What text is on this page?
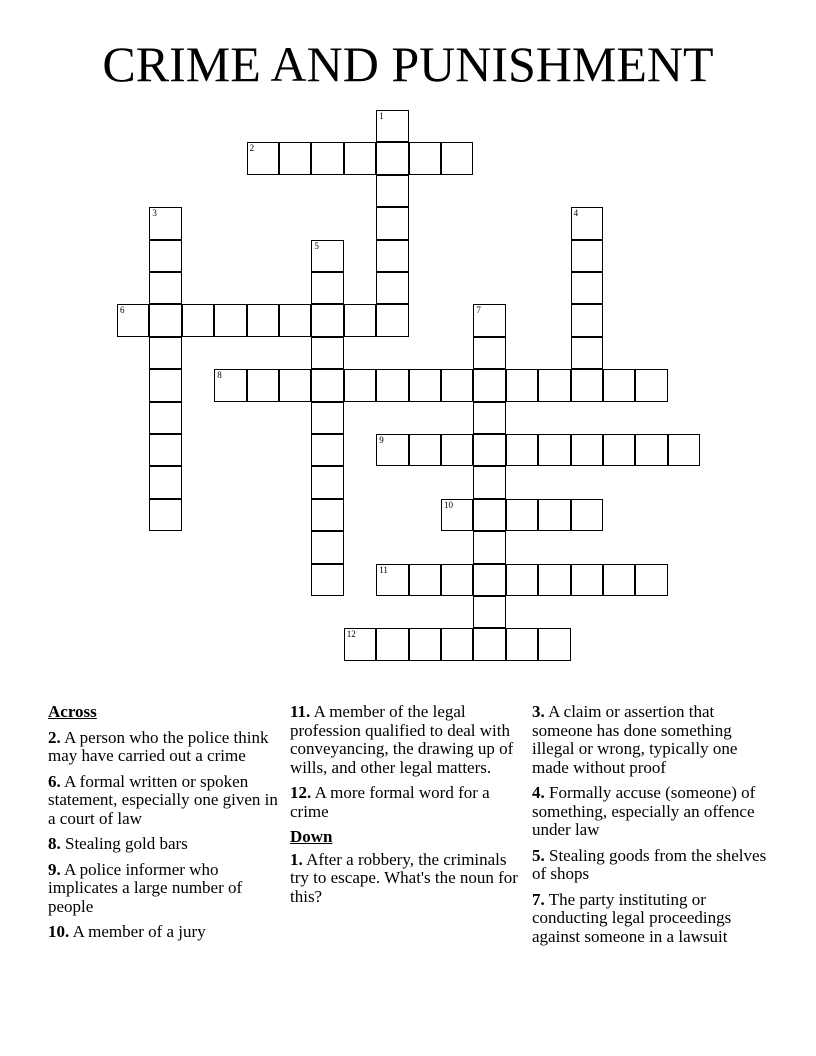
CRIME AND PUNISHMENT
1
2
3	4
5
6	7
8
9
10
11
12
Across
2. A person who the police think may have carried out a crime
6. A formal written or spoken statement, especially one given in a court of law
8. Stealing gold bars
9. A police informer who implicates a large number of people
10. A member of a jury
11. A member of the legal profession qualified to deal with conveyancing, the drawing up of wills, and other legal matters.
12. A more formal word for a crime
Down
1. After a robbery, the criminals try to escape. What's the noun for this?
3. A claim or assertion that someone has done something illegal or wrong, typically one made without proof
4. Formally accuse (someone) of something, especially an offence under law
5. Stealing goods from the shelves of shops
7. The party instituting or conducting legal proceedings against someone in a lawsuit
